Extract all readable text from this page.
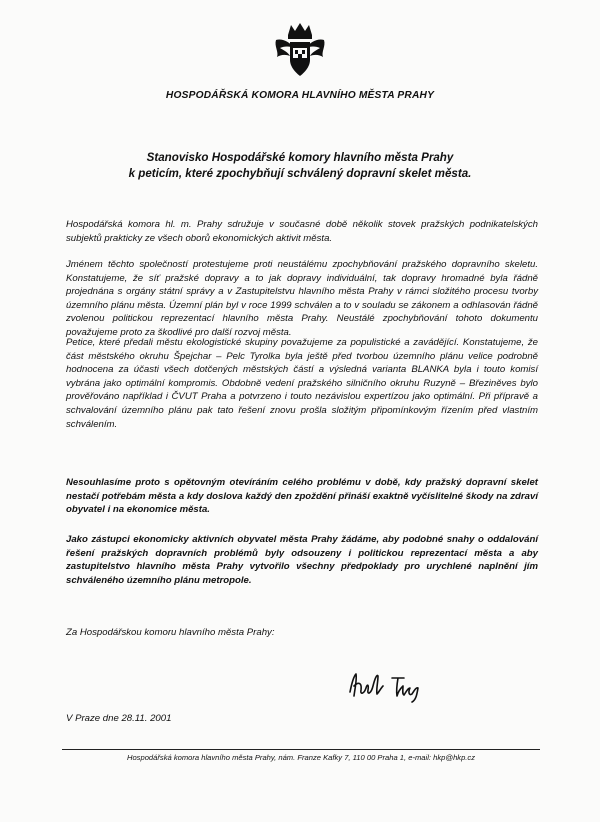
HOSPODÁŘSKÁ KOMORA HLAVNÍHO MĚSTA PRAHY
Stanovisko Hospodářské komory hlavního města Prahy
k peticím, které zpochybňují schválený dopravní skelet města.

Hospodářská komora hl. m. Prahy sdružuje v současné době několik stovek pražských podnikatelských subjektů prakticky ze všech oborů ekonomických aktivit města.

Jménem těchto společností protestujeme proti neustálému zpochybňování pražského dopravního skeletu. Konstatujeme, že síť pražské dopravy a to jak dopravy individuální, tak dopravy hromadné byla řádně projednána s orgány státní správy a v Zastupitelstvu hlavního města Prahy v rámci složitého procesu tvorby územního plánu města. Územní plán byl v roce 1999 schválen a to v souladu se zákonem a odhlasován řádně zvolenou politickou reprezentací hlavního města Prahy. Neustálé zpochybňování tohoto dokumentu považujeme proto za škodlivé pro další rozvoj města.

Petice, které předali městu ekologistické skupiny považujeme za populistické a zavádějící. Konstatujeme, že část městského okruhu Špejchar – Pelc Tyrolka byla ještě před tvorbou územního plánu velice podrobně hodnocena za účasti všech dotčených městských částí a výsledná varianta BLANKA byla i touto komisí vybrána jako optimální kompromis. Obdobně vedení pražského silničního okruhu Ruzyně – Březiněves bylo prověřováno například i ČVUT Praha a potvrzeno i touto nezávislou expertízou jako optimální. Při přípravě a schvalování územního plánu pak tato řešení znovu prošla složitým připomínkovým řízením před vlastním schválením.

Nesouhlasíme proto s opětovným otevíráním celého problému v době, kdy pražský dopravní skelet nestačí potřebám města a kdy doslova každý den zpoždění přináší exaktně vyčíslitelné škody na zdraví obyvatel i na ekonomice města.

Jako zástupci ekonomicky aktivních obyvatel města Prahy žádáme, aby podobné snahy o oddalování řešení pražských dopravních problémů byly odsouzeny i politickou reprezentací města a aby zastupitelstvo hlavního města Prahy vytvořilo všechny předpoklady pro urychlené naplnění jím schváleného územního plánu metropole.

Za Hospodářskou komoru hlavního města Prahy:
V Praze dne 28.11. 2001
Hospodářská komora hlavního města Prahy, nám. Franze Kafky 7, 110 00 Praha 1, e-mail: hkp@hkp.cz
